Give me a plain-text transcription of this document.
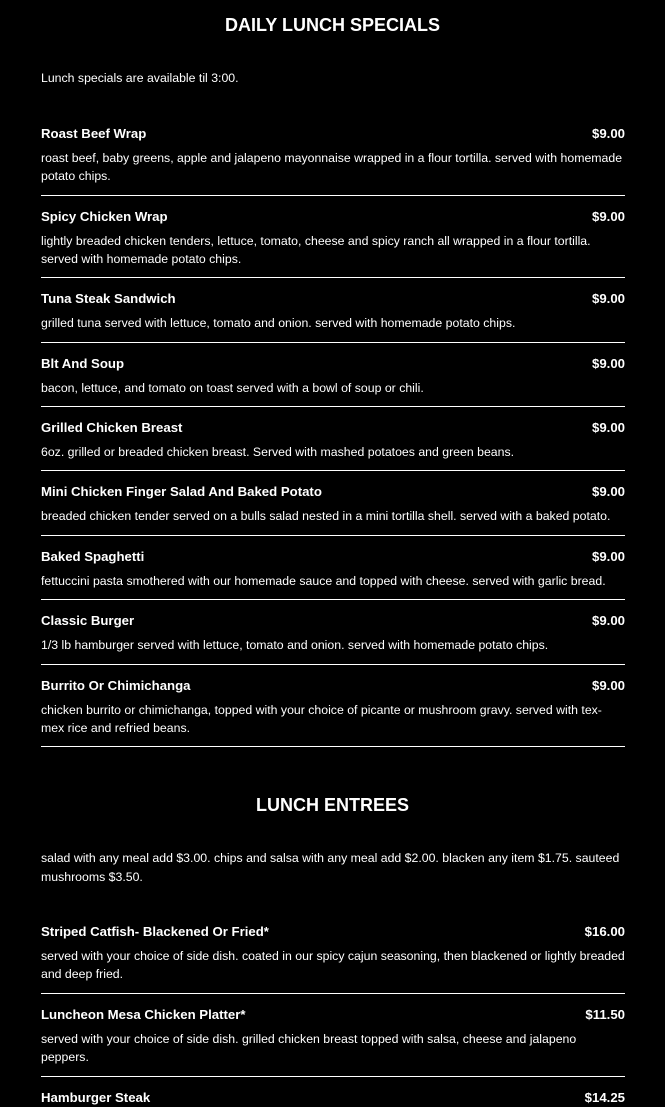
DAILY LUNCH SPECIALS

Lunch specials are available til 3:00.

Roast Beef Wrap	$9.00
roast beef, baby greens, apple and jalapeno mayonnaise wrapped in a flour tortilla. served with homemade potato chips.
Spicy Chicken Wrap	$9.00
lightly breaded chicken tenders, lettuce, tomato, cheese and spicy ranch all wrapped in a flour tortilla. served with homemade potato chips.
Tuna Steak Sandwich	$9.00
grilled tuna served with lettuce, tomato and onion. served with homemade potato chips.
Blt And Soup	$9.00
bacon, lettuce, and tomato on toast served with a bowl of soup or chili.
Grilled Chicken Breast	$9.00
6oz. grilled or breaded chicken breast. Served with mashed potatoes and green beans.
Mini Chicken Finger Salad And Baked Potato	$9.00
breaded chicken tender served on a bulls salad nested in a mini tortilla shell. served with a baked potato.
Baked Spaghetti	$9.00
fettuccini pasta smothered with our homemade sauce and topped with cheese. served with garlic bread.
Classic Burger	$9.00
1/3 lb hamburger served with lettuce, tomato and onion. served with homemade potato chips.
Burrito Or Chimichanga	$9.00
chicken burrito or chimichanga, topped with your choice of picante or mushroom gravy. served with tex-mex rice and refried beans.
LUNCH ENTREES

salad with any meal add $3.00. chips and salsa with any meal add $2.00. blacken any item $1.75. sauteed mushrooms $3.50.

Striped Catfish- Blackened Or Fried*	$16.00
served with your choice of side dish. coated in our spicy cajun seasoning, then blackened or lightly breaded and deep fried.
Luncheon Mesa Chicken Platter*	$11.50
served with your choice of side dish. grilled chicken breast topped with salsa, cheese and jalapeno peppers.
Hamburger Steak	$14.25
